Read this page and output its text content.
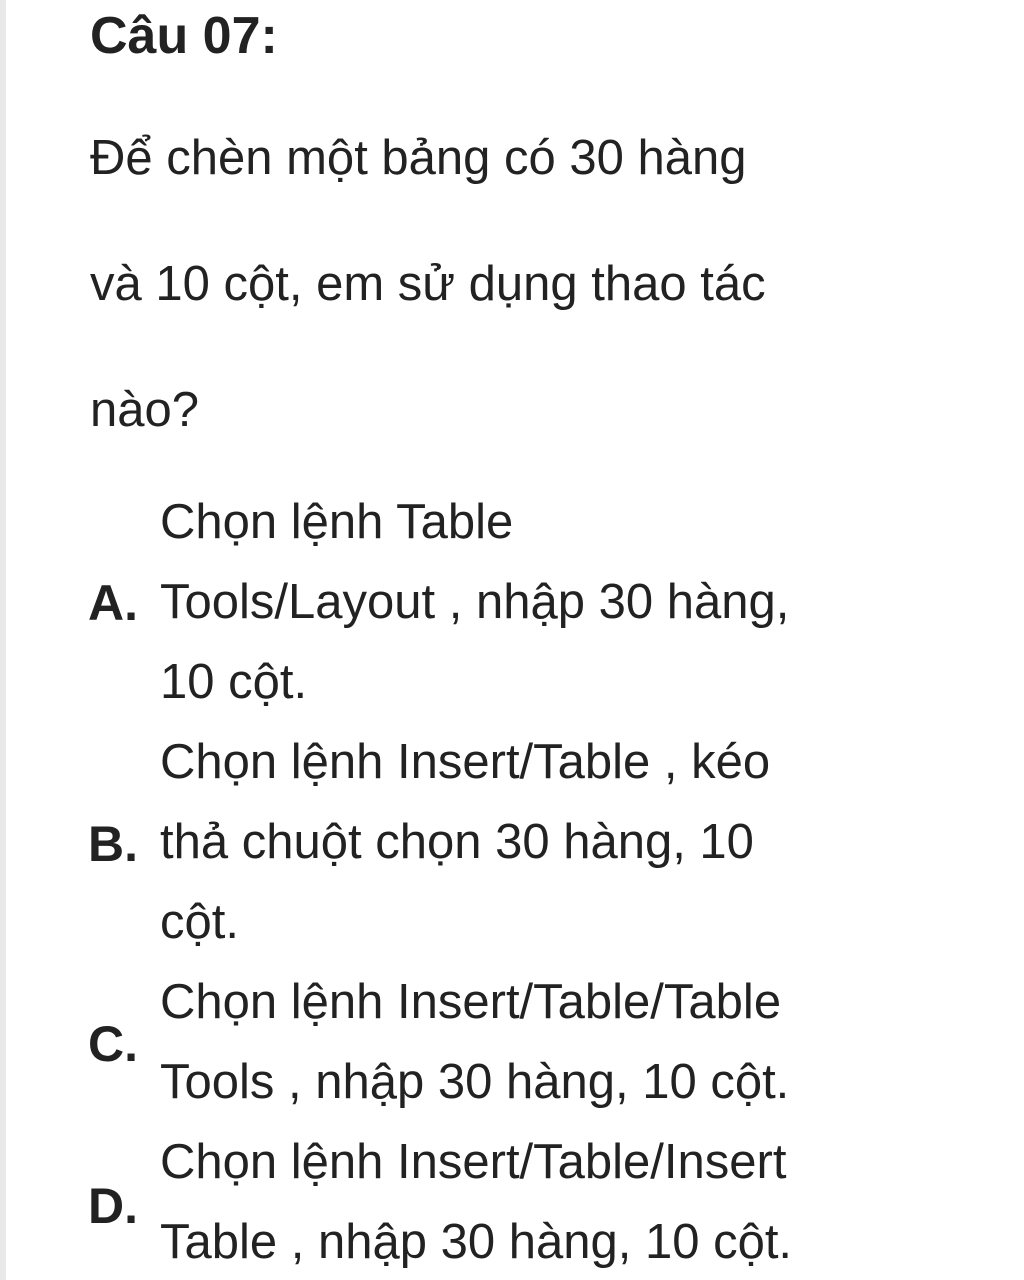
Câu 07:

Để chèn một bảng có 30 hàng

và 10 cột, em sử dụng thao tác

nào?

A.

Chọn lệnh Table

Tools/Layout , nhập 30 hàng,

10 cột.

B.

Chọn lệnh Insert/Table , kéo

thả chuột chọn 30 hàng, 10

cột.

C.

Chọn lệnh Insert/Table/Table

Tools , nhập 30 hàng, 10 cột.

D.

Chọn lệnh Insert/Table/Insert

Table , nhập 30 hàng, 10 cột.
